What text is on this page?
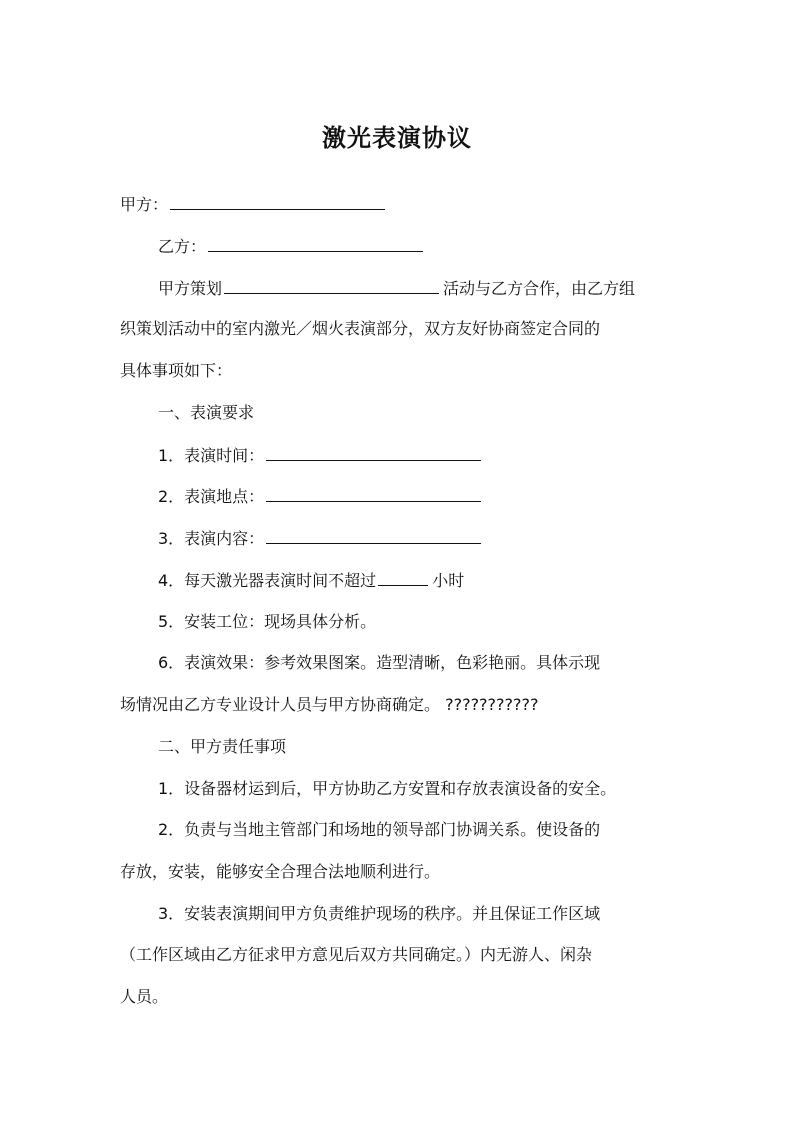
激光表演协议
甲方：
乙方：
甲方策划	活动与乙方合作，由乙方组
织策划活动中的室内激光／烟火表演部分，双方友好协商签定合同的
具体事项如下：
一、表演要求
1．表演时间：
2．表演地点：
3．表演内容：
4．每天激光器表演时间不超过	小时
5．安装工位：现场具体分析。
6．表演效果：参考效果图案。造型清晰，色彩艳丽。具体示现
场情况由乙方专业设计人员与甲方协商确定。 ???????????
二、甲方责任事项
1．设备器材运到后，甲方协助乙方安置和存放表演设备的安全。
2．负责与当地主管部门和场地的领导部门协调关系。使设备的
存放，安装，能够安全合理合法地顺利进行。
3．安装表演期间甲方负责维护现场的秩序。并且保证工作区域
（工作区域由乙方征求甲方意见后双方共同确定。）内无游人、闲杂
人员。
